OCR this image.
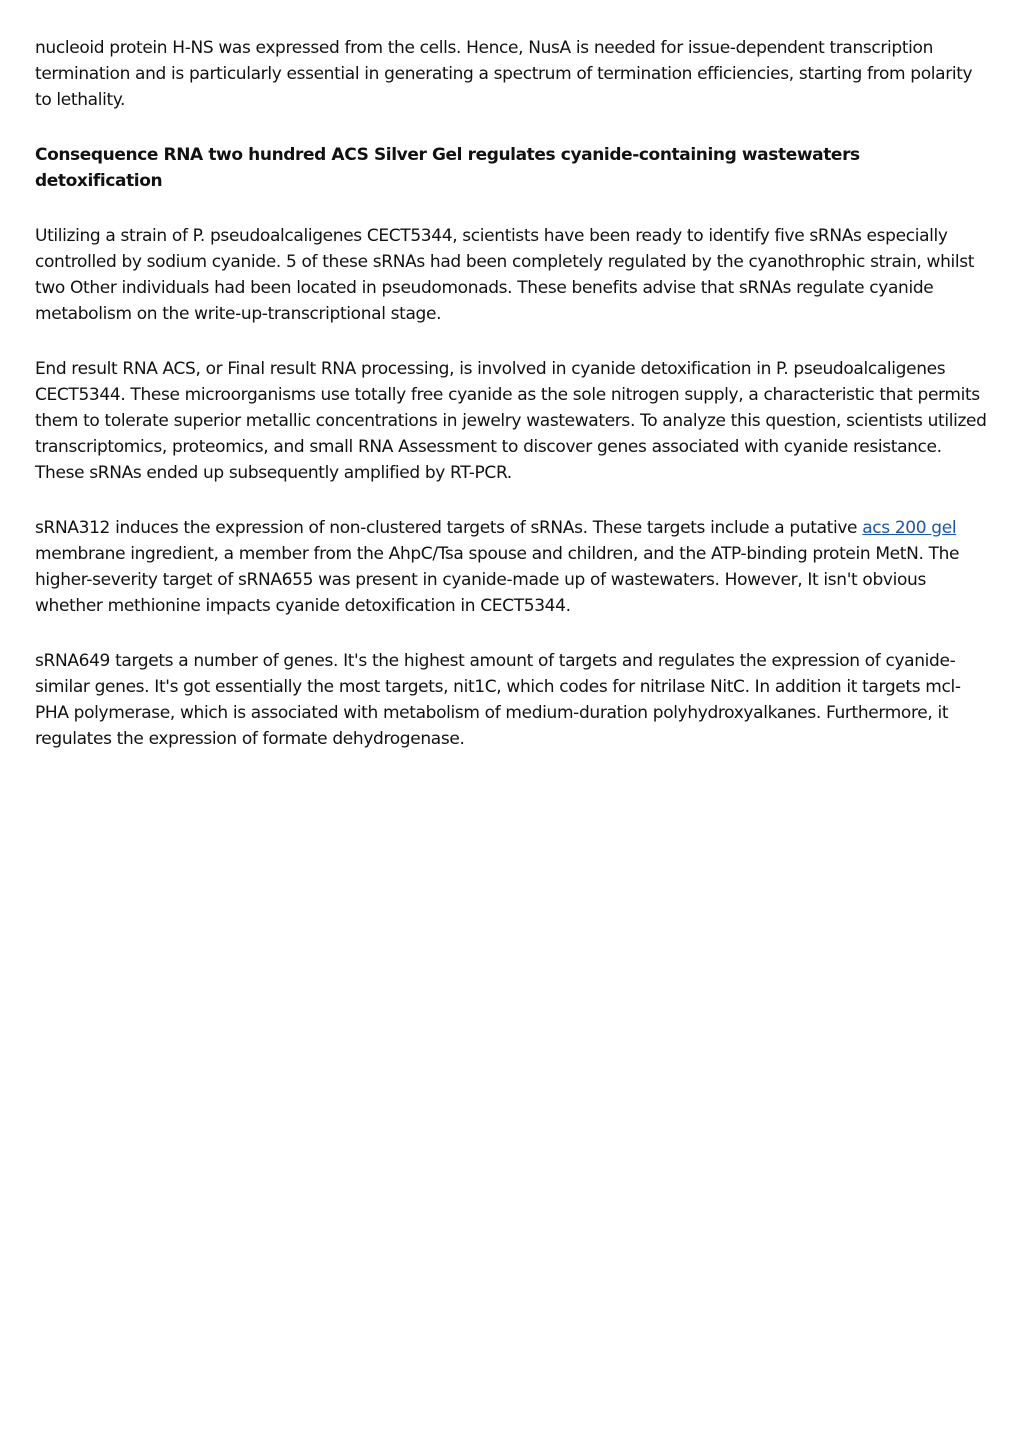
nucleoid protein H-NS was expressed from the cells. Hence, NusA is needed for issue-dependent transcription termination and is particularly essential in generating a spectrum of termination efficiencies, starting from polarity to lethality.

Consequence RNA two hundred ACS Silver Gel regulates cyanide-containing wastewaters detoxification

Utilizing a strain of P. pseudoalcaligenes CECT5344, scientists have been ready to identify five sRNAs especially controlled by sodium cyanide. 5 of these sRNAs had been completely regulated by the cyanothrophic strain, whilst two Other individuals had been located in pseudomonads. These benefits advise that sRNAs regulate cyanide metabolism on the write-up-transcriptional stage.

End result RNA ACS, or Final result RNA processing, is involved in cyanide detoxification in P. pseudoalcaligenes CECT5344. These microorganisms use totally free cyanide as the sole nitrogen supply, a characteristic that permits them to tolerate superior metallic concentrations in jewelry wastewaters. To analyze this question, scientists utilized transcriptomics, proteomics, and small RNA Assessment to discover genes associated with cyanide resistance. These sRNAs ended up subsequently amplified by RT-PCR.

sRNA312 induces the expression of non-clustered targets of sRNAs. These targets include a putative acs 200 gel membrane ingredient, a member from the AhpC/Tsa spouse and children, and the ATP-binding protein MetN. The higher-severity target of sRNA655 was present in cyanide-made up of wastewaters. However, It isn't obvious whether methionine impacts cyanide detoxification in CECT5344.

sRNA649 targets a number of genes. It's the highest amount of targets and regulates the expression of cyanide-similar genes. It's got essentially the most targets, nit1C, which codes for nitrilase NitC. In addition it targets mcl-PHA polymerase, which is associated with metabolism of medium-duration polyhydroxyalkanes. Furthermore, it regulates the expression of formate dehydrogenase.
